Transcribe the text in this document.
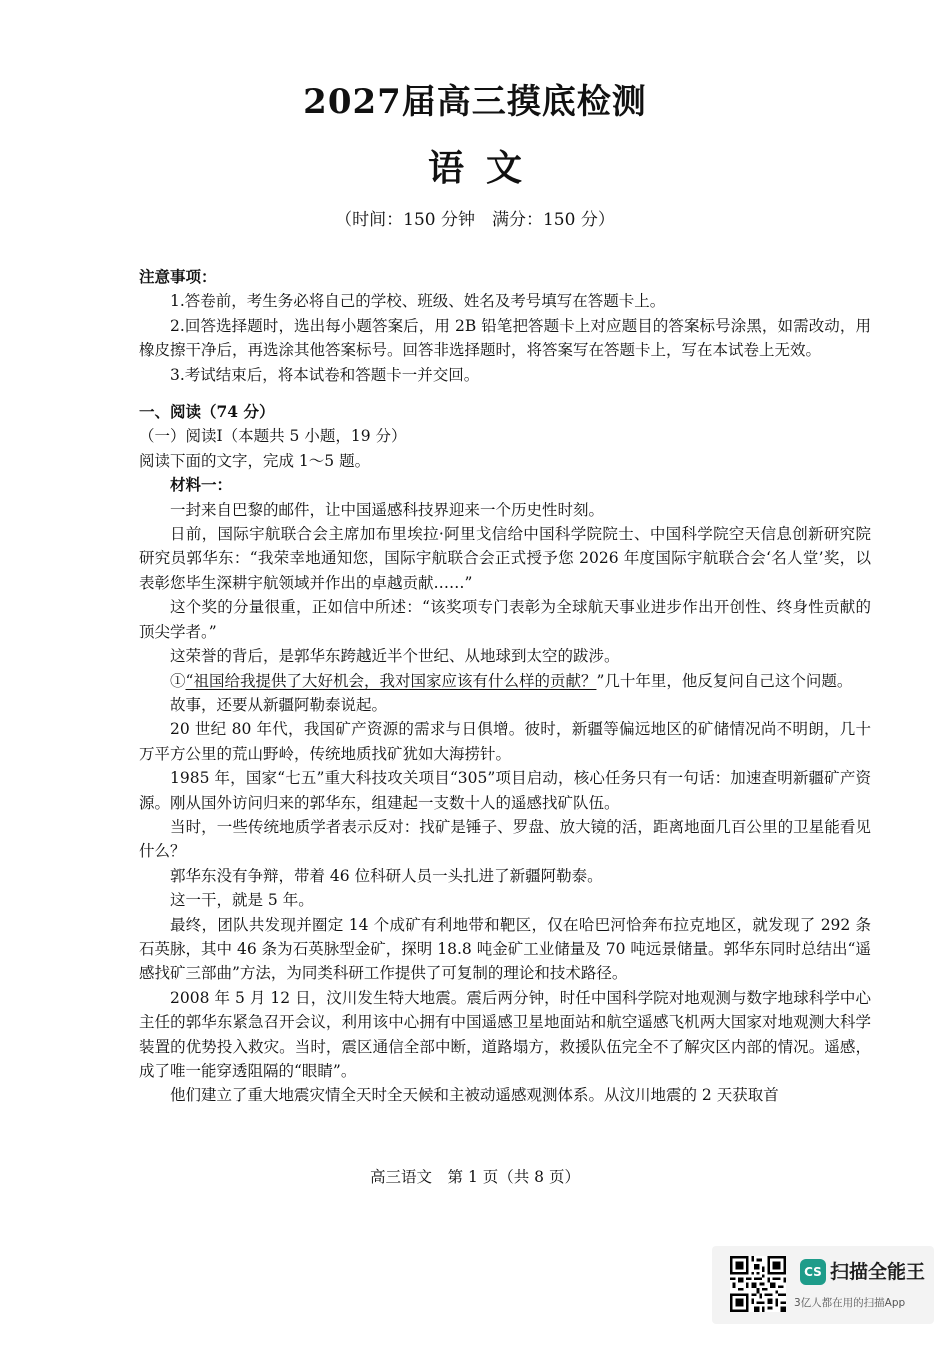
2027届高三摸底检测
语文
（时间：150 分钟　满分：150 分）

注意事项：

1.答卷前，考生务必将自己的学校、班级、姓名及考号填写在答题卡上。

2.回答选择题时，选出每小题答案后，用 2B 铅笔把答题卡上对应题目的答案标号涂黑，如需改动，用橡皮擦干净后，再选涂其他答案标号。回答非选择题时，将答案写在答题卡上，写在本试卷上无效。

3.考试结束后，将本试卷和答题卡一并交回。

一、阅读（74 分）

（一）阅读Ⅰ（本题共 5 小题，19 分）

阅读下面的文字，完成 1～5 题。

材料一：

一封来自巴黎的邮件，让中国遥感科技界迎来一个历史性时刻。

日前，国际宇航联合会主席加布里埃拉·阿里戈信给中国科学院院士、中国科学院空天信息创新研究院研究员郭华东：“我荣幸地通知您，国际宇航联合会正式授予您 2026 年度国际宇航联合会‘名人堂’奖，以表彰您毕生深耕宇航领域并作出的卓越贡献……”

这个奖的分量很重，正如信中所述：“该奖项专门表彰为全球航天事业进步作出开创性、终身性贡献的顶尖学者。”

这荣誉的背后，是郭华东跨越近半个世纪、从地球到太空的跋涉。

①“祖国给我提供了大好机会，我对国家应该有什么样的贡献？”几十年里，他反复问自己这个问题。

故事，还要从新疆阿勒泰说起。

20 世纪 80 年代，我国矿产资源的需求与日俱增。彼时，新疆等偏远地区的矿储情况尚不明朗，几十万平方公里的荒山野岭，传统地质找矿犹如大海捞针。

1985 年，国家“七五”重大科技攻关项目“305”项目启动，核心任务只有一句话：加速查明新疆矿产资源。刚从国外访问归来的郭华东，组建起一支数十人的遥感找矿队伍。

当时，一些传统地质学者表示反对：找矿是锤子、罗盘、放大镜的活，距离地面几百公里的卫星能看见什么？

郭华东没有争辩，带着 46 位科研人员一头扎进了新疆阿勒泰。

这一干，就是 5 年。

最终，团队共发现并圈定 14 个成矿有利地带和靶区，仅在哈巴河恰奔布拉克地区，就发现了 292 条石英脉，其中 46 条为石英脉型金矿，探明 18.8 吨金矿工业储量及 70 吨远景储量。郭华东同时总结出“遥感找矿三部曲”方法，为同类科研工作提供了可复制的理论和技术路径。

2008 年 5 月 12 日，汶川发生特大地震。震后两分钟，时任中国科学院对地观测与数字地球科学中心主任的郭华东紧急召开会议，利用该中心拥有中国遥感卫星地面站和航空遥感飞机两大国家对地观测大科学装置的优势投入救灾。当时，震区通信全部中断，道路塌方，救援队伍完全不了解灾区内部的情况。遥感，成了唯一能穿透阻隔的“眼睛”。

他们建立了重大地震灾情全天时全天候和主被动遥感观测体系。从汶川地震的 2 天获取首

高三语文　第 1 页（共 8 页）
CS 扫描全能王
3亿人都在用的扫描App
